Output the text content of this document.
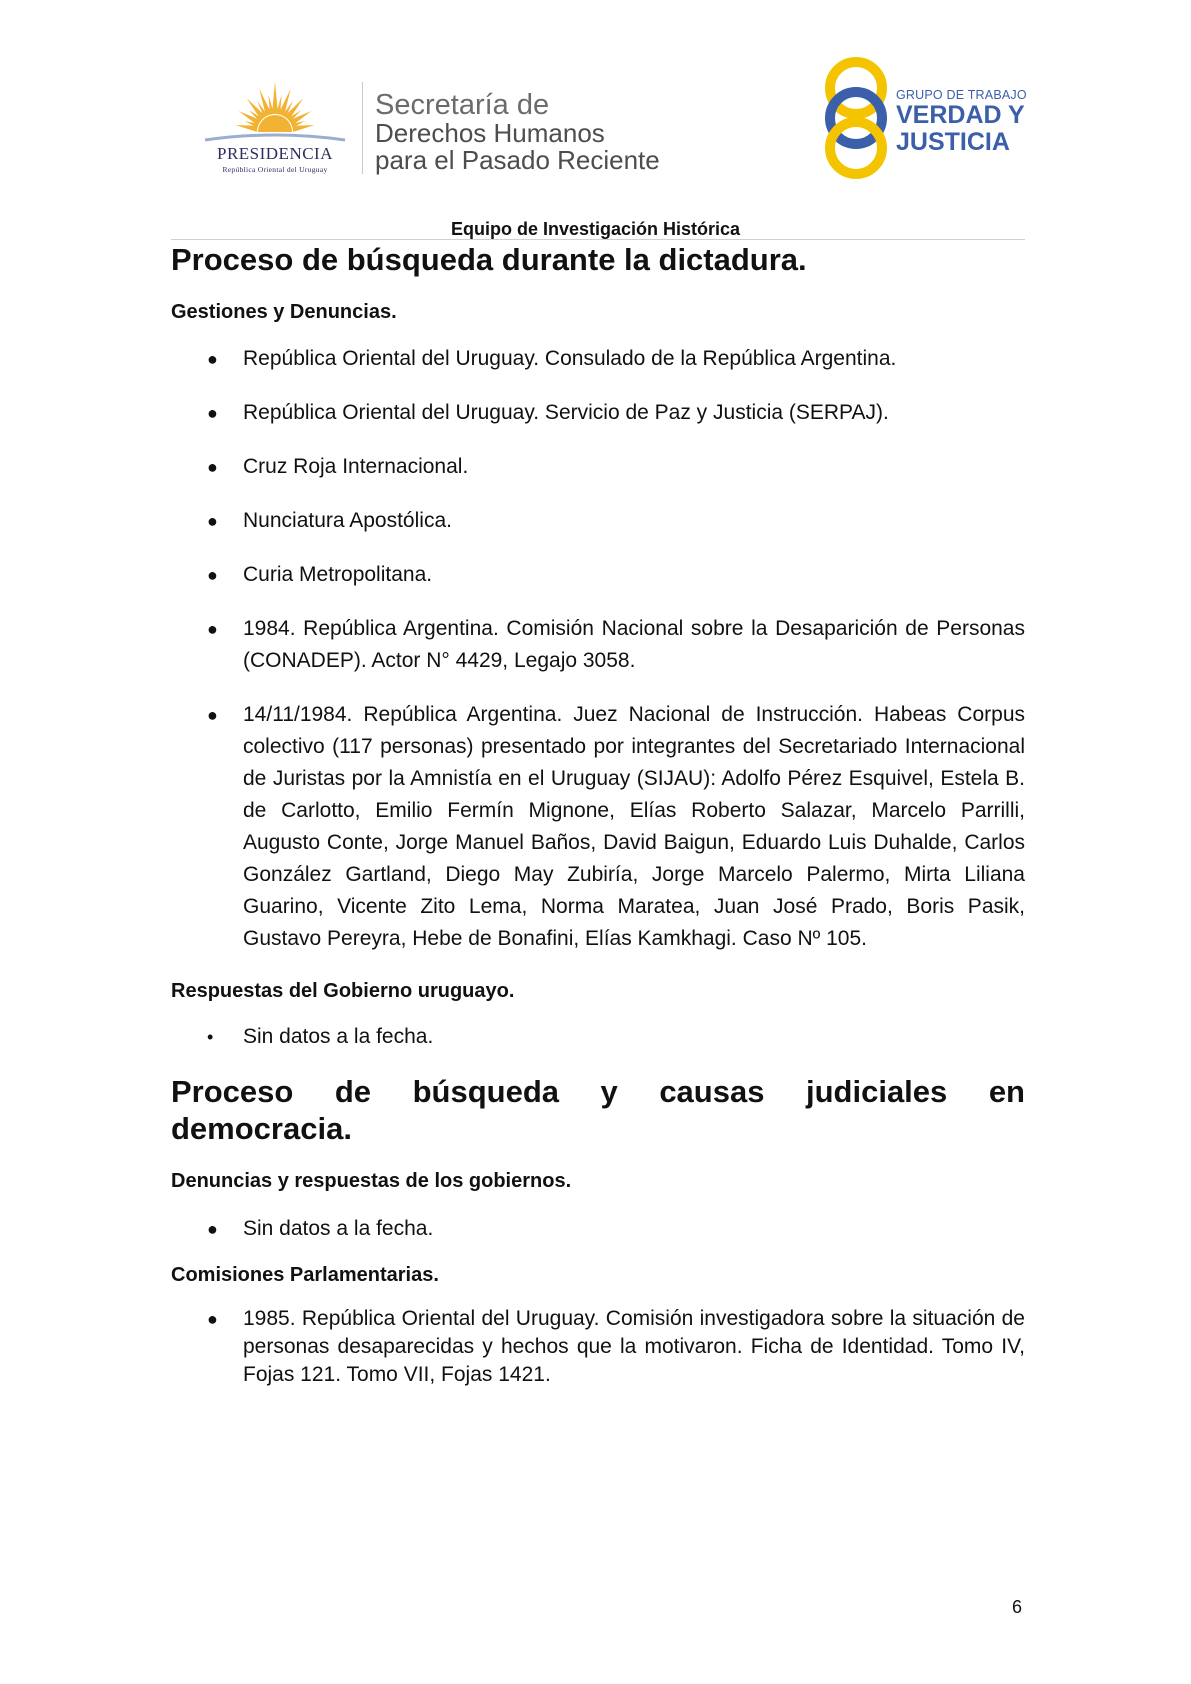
PRESIDENCIA
República Oriental del Uruguay
Secretaría de
Derechos Humanos
para el Pasado Reciente
GRUPO DE TRABAJO
VERDAD Y
JUSTICIA
Equipo de Investigación Histórica
Proceso de búsqueda durante la dictadura.
Gestiones y Denuncias.
● República Oriental del Uruguay. Consulado de la República Argentina.
● República Oriental del Uruguay. Servicio de Paz y Justicia (SERPAJ).
● Cruz Roja Internacional.
● Nunciatura Apostólica.
● Curia Metropolitana.
● 1984. República Argentina. Comisión Nacional sobre la Desaparición de Personas (CONADEP). Actor N° 4429, Legajo 3058.
● 14/11/1984. República Argentina. Juez Nacional de Instrucción. Habeas Corpus colectivo (117 personas) presentado por integrantes del Secretariado Internacional de Juristas por la Amnistía en el Uruguay (SIJAU): Adolfo Pérez Esquivel, Estela B. de Carlotto, Emilio Fermín Mignone, Elías Roberto Salazar, Marcelo Parrilli, Augusto Conte, Jorge Manuel Baños, David Baigun, Eduardo Luis Duhalde, Carlos González Gartland, Diego May Zubiría, Jorge Marcelo Palermo, Mirta Liliana Guarino, Vicente Zito Lema, Norma Maratea, Juan José Prado, Boris Pasik, Gustavo Pereyra, Hebe de Bonafini, Elías Kamkhagi. Caso Nº 105.
Respuestas del Gobierno uruguayo.
• Sin datos a la fecha.
Proceso de búsqueda y causas judiciales en
democracia.
Denuncias y respuestas de los gobiernos.
● Sin datos a la fecha.
Comisiones Parlamentarias.
● 1985. República Oriental del Uruguay. Comisión investigadora sobre la situación de personas desaparecidas y hechos que la motivaron. Ficha de Identidad. Tomo IV, Fojas 121. Tomo VII, Fojas 1421.
6
